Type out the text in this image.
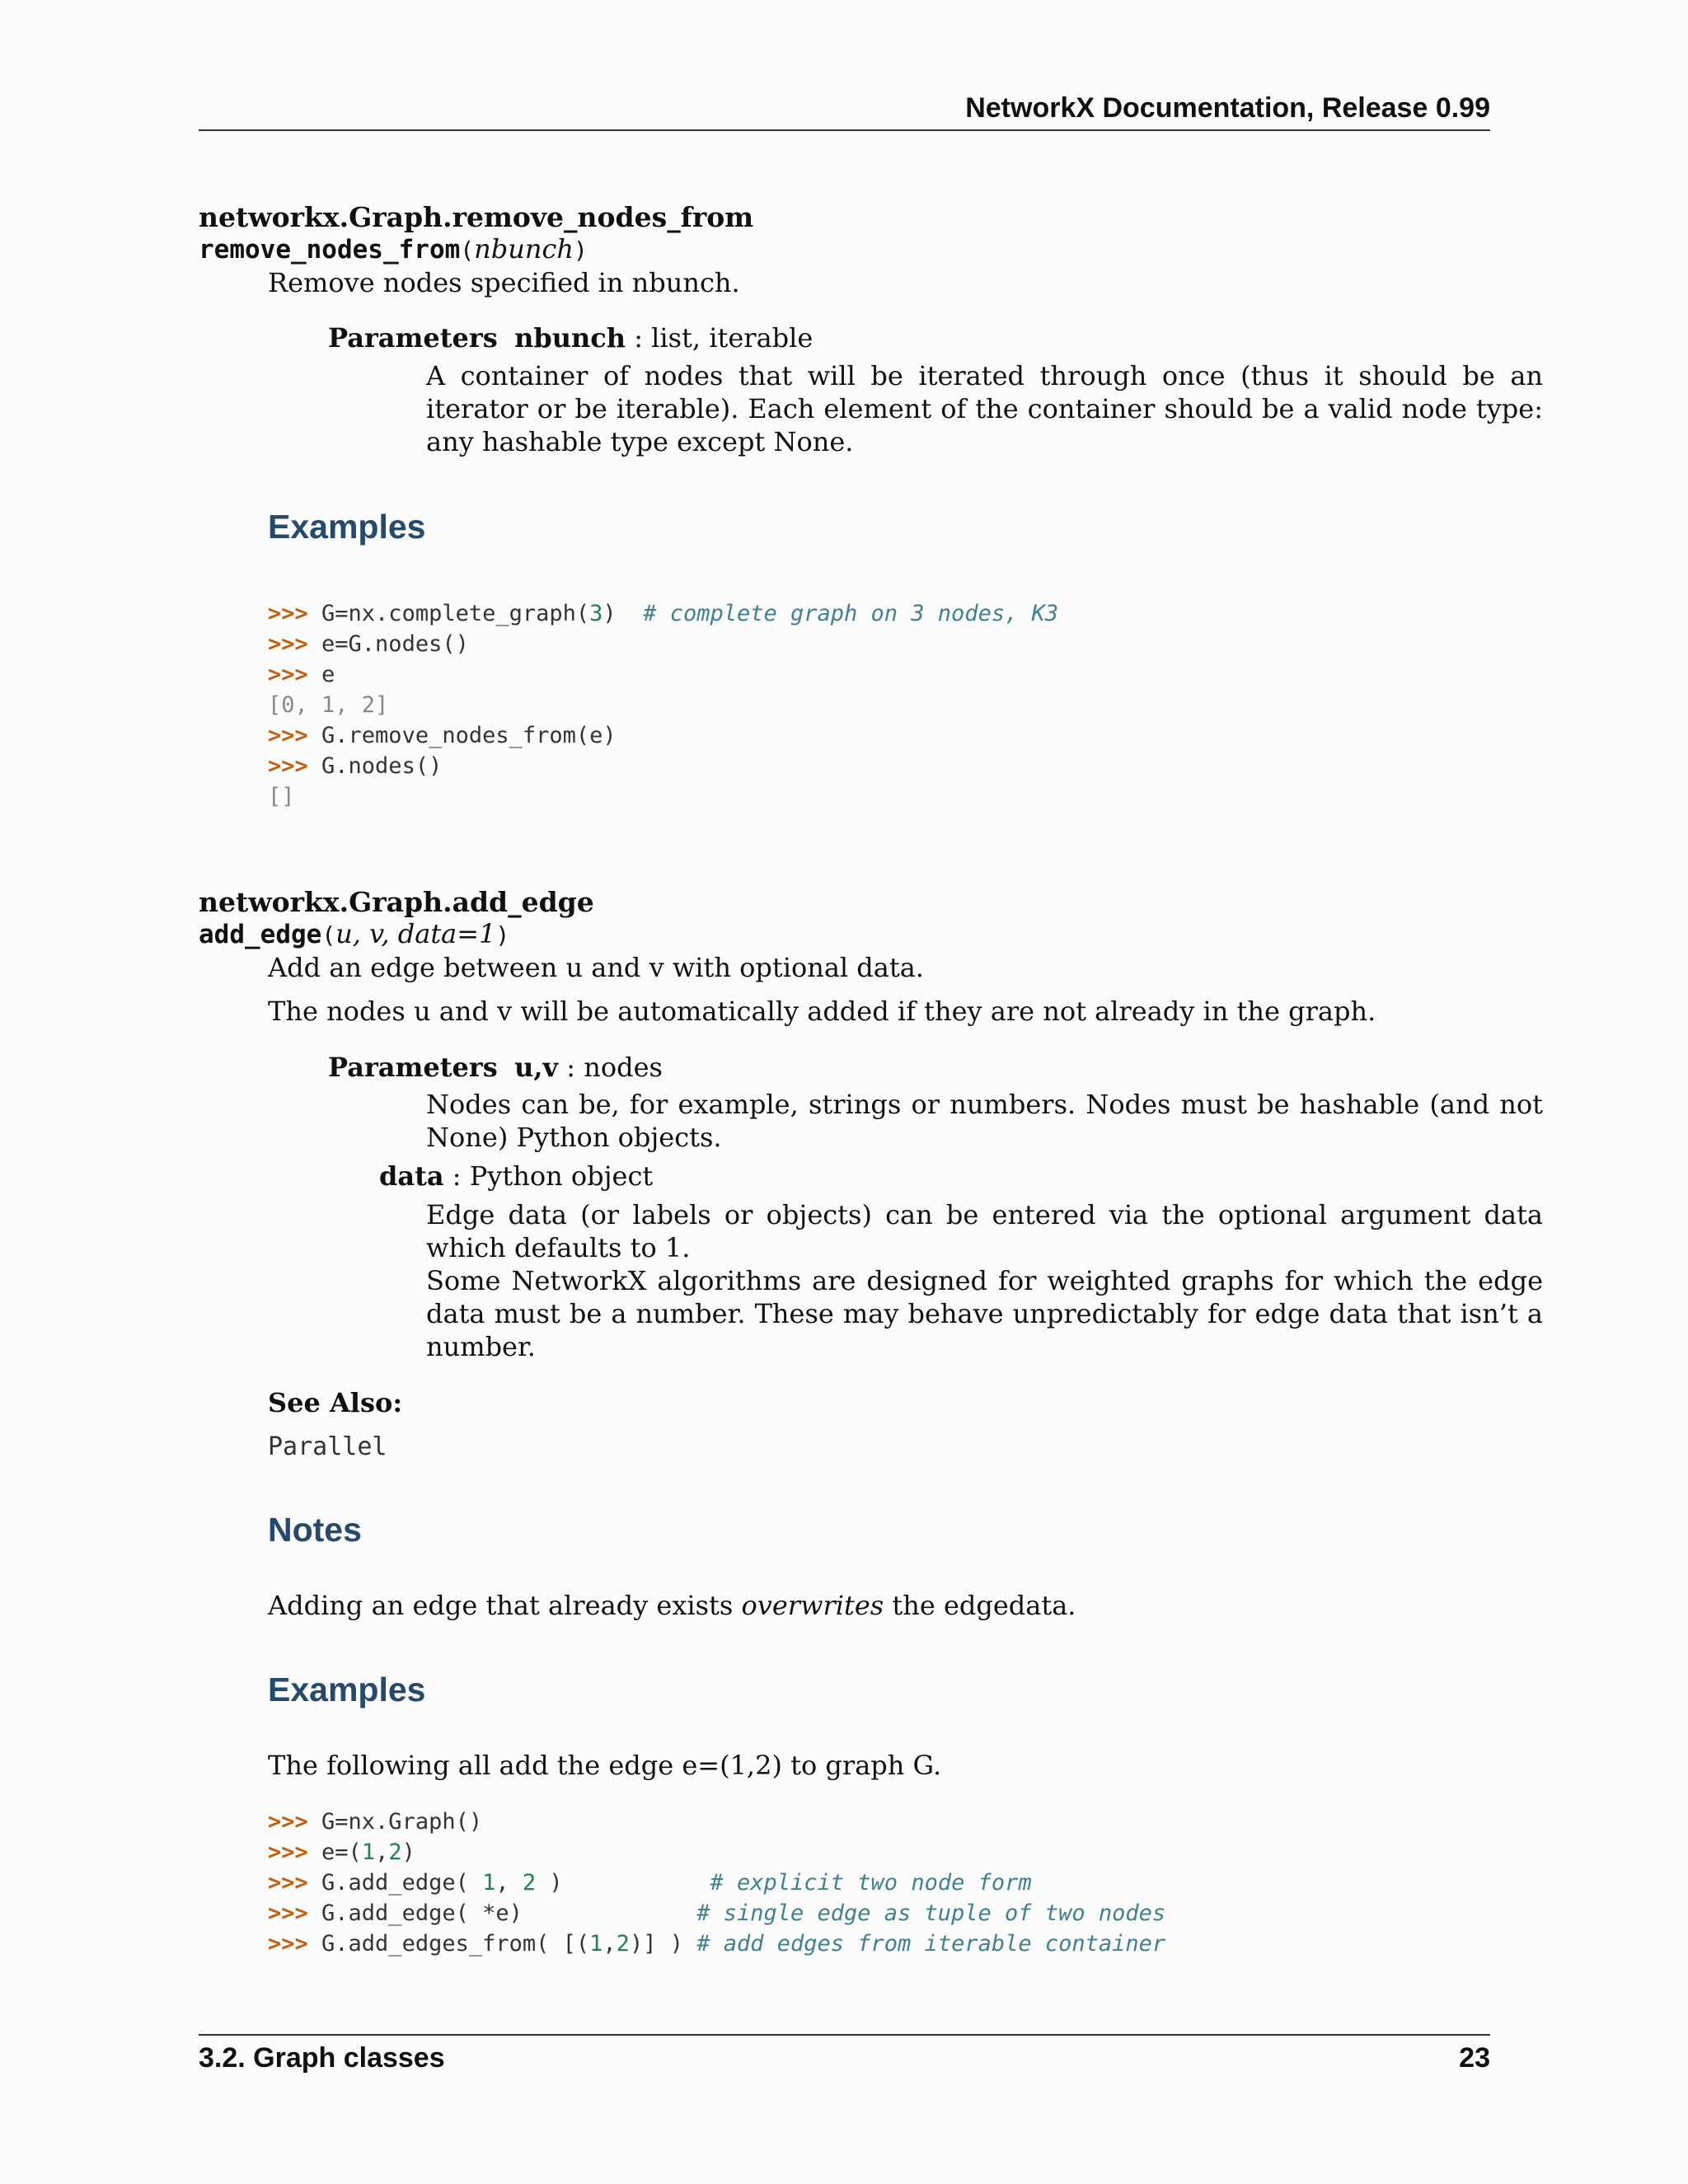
NetworkX Documentation, Release 0.99
networkx.Graph.remove_nodes_from
remove_nodes_from(nbunch)
Remove nodes specified in nbunch.
Parameters nbunch : list, iterable
A container of nodes that will be iterated through once (thus it should be an iterator or be iterable). Each element of the container should be a valid node type: any hashable type except None.
Examples
>>> G=nx.complete_graph(3)  # complete graph on 3 nodes, K3
>>> e=G.nodes()
>>> e
[0, 1, 2]
>>> G.remove_nodes_from(e)
>>> G.nodes()
[]
networkx.Graph.add_edge
add_edge(u, v, data=1)
Add an edge between u and v with optional data.
The nodes u and v will be automatically added if they are not already in the graph.
Parameters u,v : nodes
Nodes can be, for example, strings or numbers. Nodes must be hashable (and not None) Python objects.
data : Python object
Edge data (or labels or objects) can be entered via the optional argument data which defaults to 1.
Some NetworkX algorithms are designed for weighted graphs for which the edge data must be a number. These may behave unpredictably for edge data that isn’t a number.
See Also:
Parallel
Notes
Adding an edge that already exists overwrites the edgedata.
Examples
The following all add the edge e=(1,2) to graph G.
>>> G=nx.Graph()
>>> e=(1,2)
>>> G.add_edge( 1, 2 )           # explicit two node form
>>> G.add_edge( *e)             # single edge as tuple of two nodes
>>> G.add_edges_from( [(1,2)] ) # add edges from iterable container
3.2. Graph classes	23
